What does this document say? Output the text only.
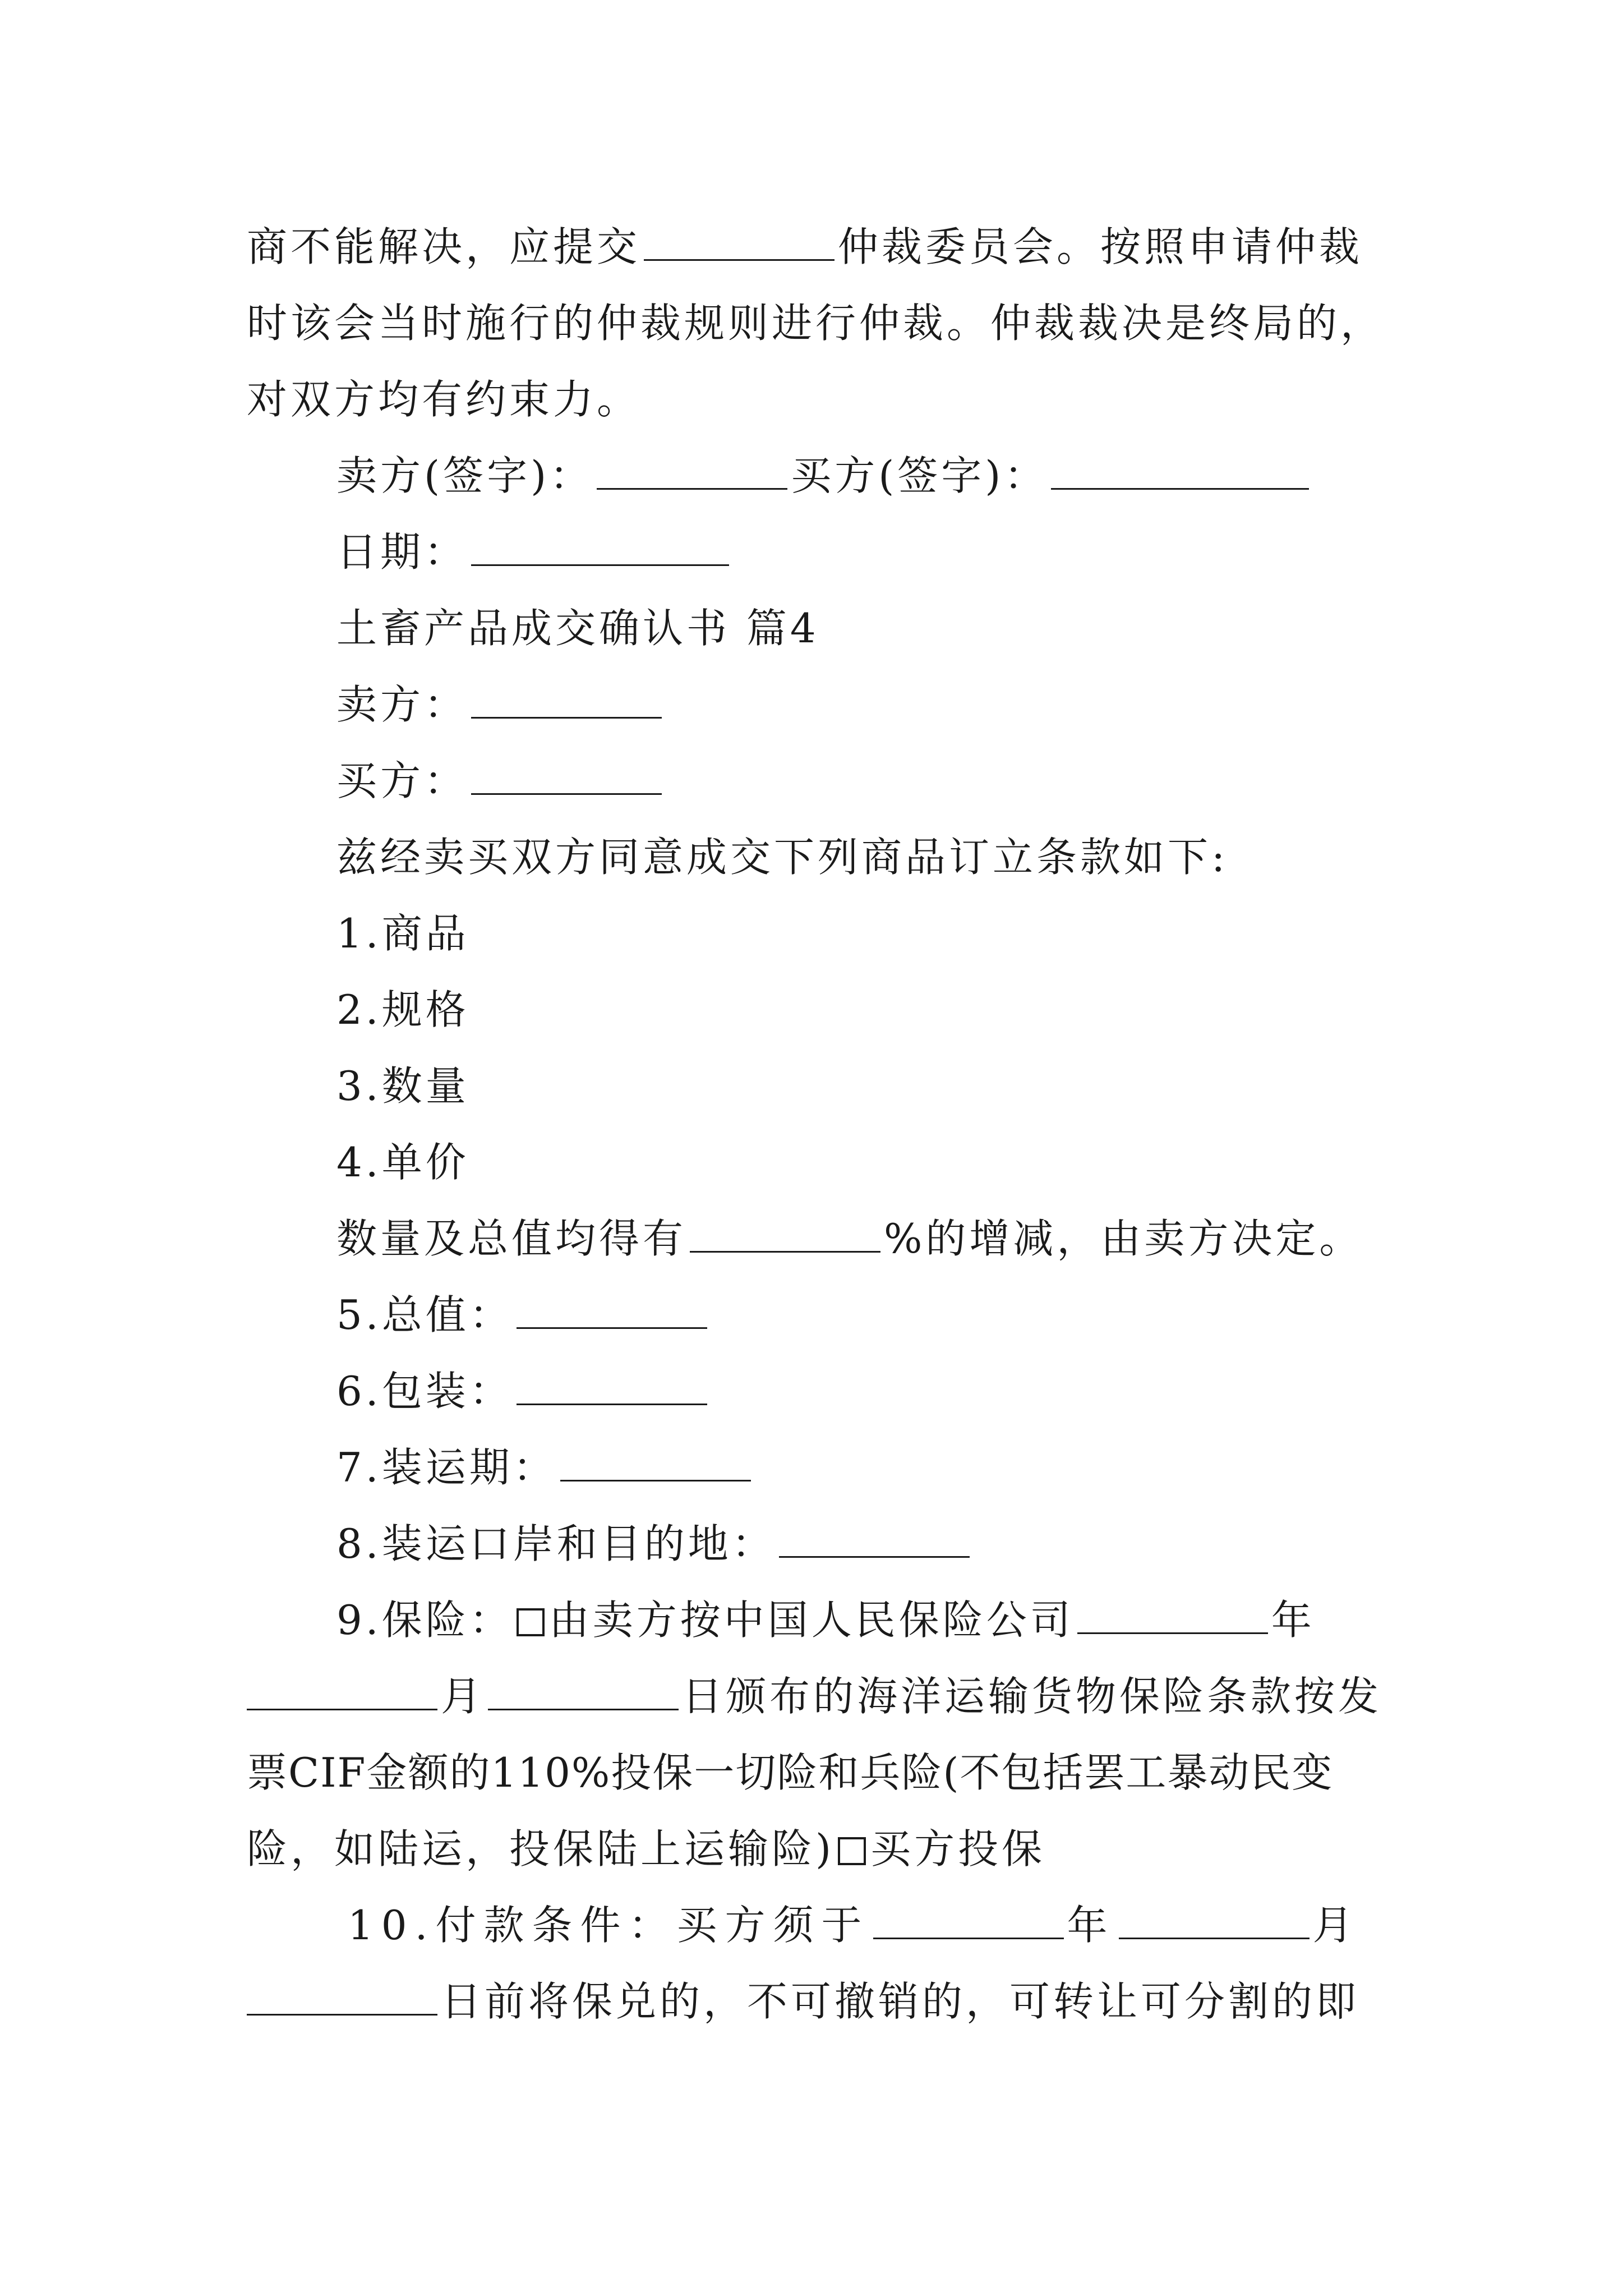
商不能解决，应提交	仲裁委员会。按照申请仲裁
时该会当时施行的仲裁规则进行仲裁。仲裁裁决是终局的，
对双方均有约束力。
卖方(签字)：	买方(签字)：
日期：
土畜产品成交确认书 篇4
卖方：
买方：
兹经卖买双方同意成交下列商品订立条款如下:
1.商品
2.规格
3.数量
4.单价
数量及总值均得有	%的增减，由卖方决定。
5.总值：
6.包装：
7.装运期：
8.装运口岸和目的地：
9.保险： 由卖方按中国人民保险公司	年
月	日颁布的海洋运输货物保险条款按发
票CIF金额的110%投保一切险和兵险(不包括罢工暴动民变
险，如陆运，投保陆上运输险) 买方投保
10.付款条件：买方须于	年	月
日前将保兑的，不可撤销的，可转让可分割的即
